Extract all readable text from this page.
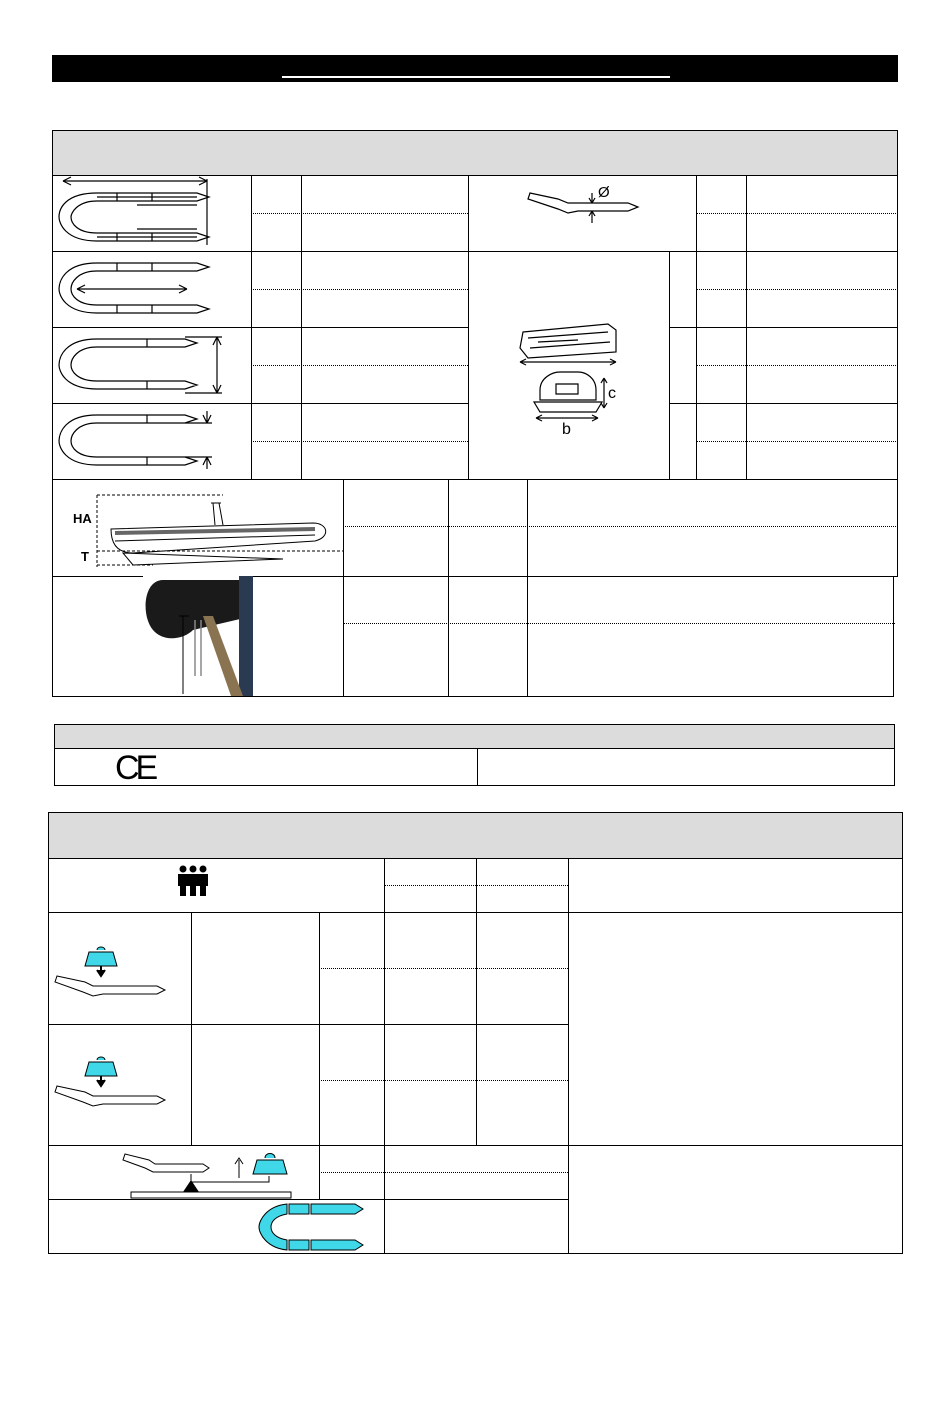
Ø
c
b
HA
T
CE
